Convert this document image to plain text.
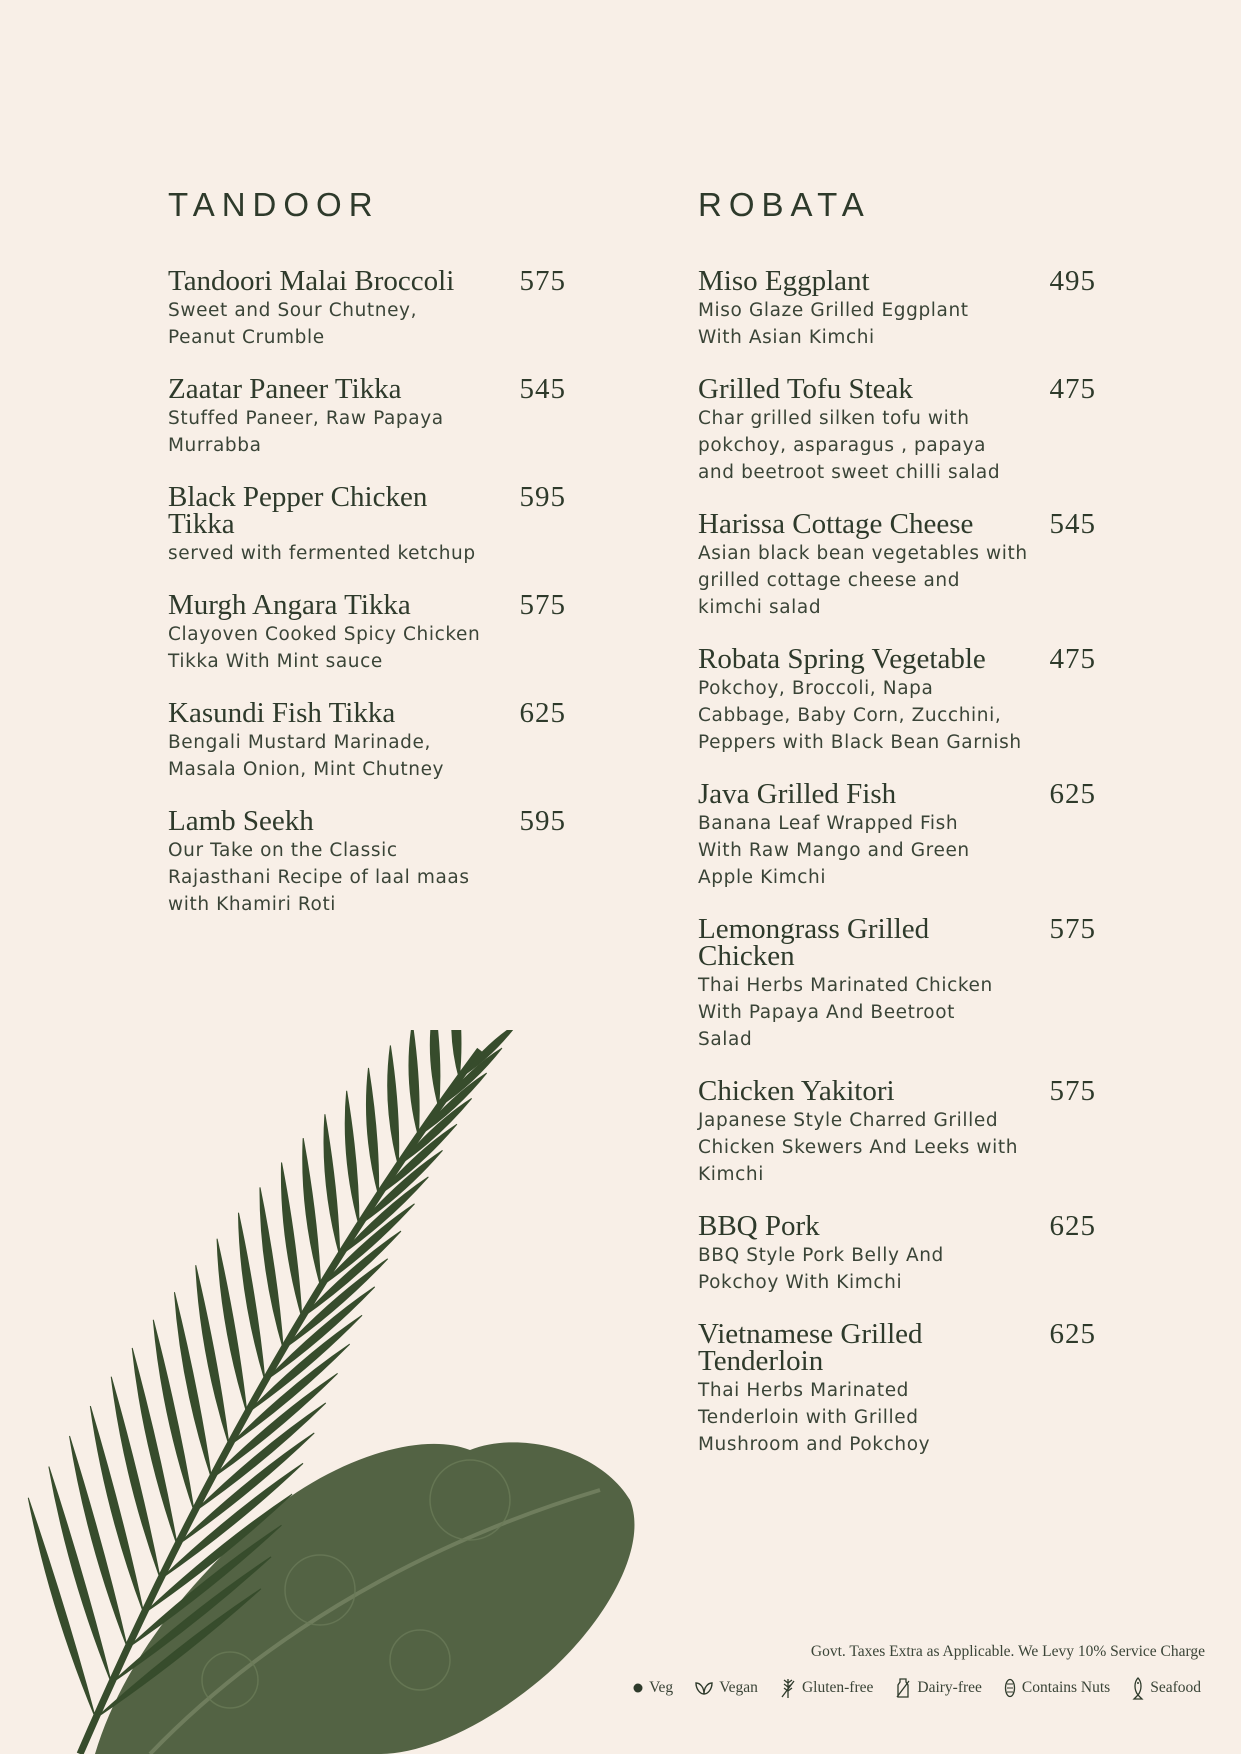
TANDOOR	ROBATA
Tandoori Malai Broccoli 575
Sweet and Sour Chutney, Peanut Crumble
Zaatar Paneer Tikka	545
Stuffed Paneer, Raw Papaya Murrabba
Black Pepper Chicken Tikka
595
served with fermented ketchup
Murgh Angara Tikka	575
Clayoven Cooked Spicy Chicken Tikka With Mint sauce
Kasundi Fish Tikka	625
Bengali Mustard Marinade, Masala Onion, Mint Chutney
Lamb Seekh	595
Our Take on the Classic Rajasthani Recipe of laal maas with Khamiri Roti
Miso Eggplant	495
Miso Glaze Grilled Eggplant With Asian Kimchi
Grilled Tofu Steak	475
Char grilled silken tofu with pokchoy, asparagus , papaya and beetroot sweet chilli salad
Harissa Cottage Cheese	545
Asian black bean vegetables with grilled cottage cheese and kimchi salad
Robata Spring Vegetable 475
Pokchoy, Broccoli, Napa Cabbage, Baby Corn, Zucchini, Peppers with Black Bean Garnish
Java Grilled Fish	625
Banana Leaf Wrapped Fish With Raw Mango and Green Apple Kimchi
Lemongrass Grilled Chicken
575
Thai Herbs Marinated Chicken With Papaya And Beetroot Salad
Chicken Yakitori	575
Japanese Style Charred Grilled Chicken Skewers And Leeks with Kimchi
BBQ Pork	625
BBQ Style Pork Belly And Pokchoy With Kimchi
Vietnamese Grilled Tenderloin
625
Thai Herbs Marinated Tenderloin with Grilled Mushroom and Pokchoy
Govt. Taxes Extra as Applicable. We Levy 10% Service Charge
Veg	Vegan	Gluten-free	Dairy-free	Contains Nuts	Seafood
